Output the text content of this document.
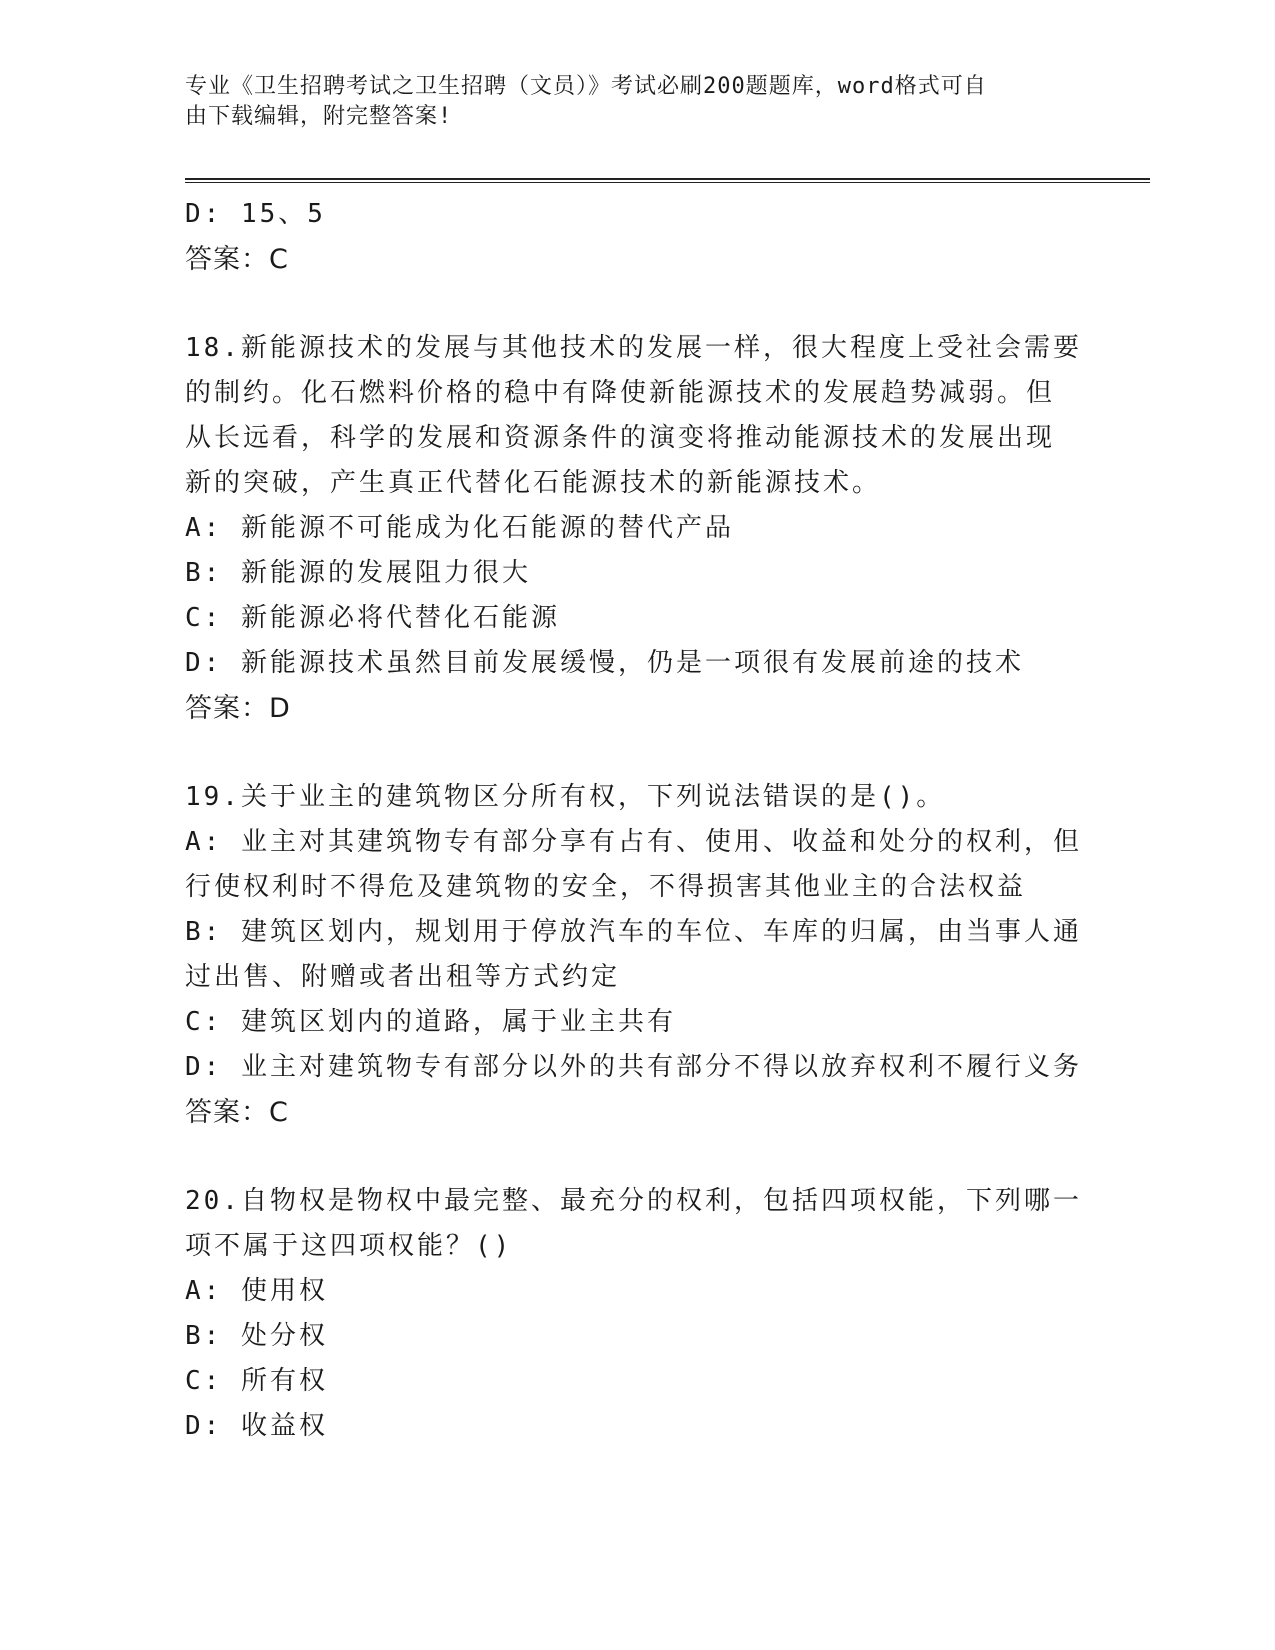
专业《卫生招聘考试之卫生招聘（文员）》考试必刷200题题库，word格式可自
由下载编辑，附完整答案!
D: 15、5
答案：C
18.新能源技术的发展与其他技术的发展一样，很大程度上受社会需要
的制约。化石燃料价格的稳中有降使新能源技术的发展趋势减弱。但
从长远看，科学的发展和资源条件的演变将推动能源技术的发展出现
新的突破，产生真正代替化石能源技术的新能源技术。
A: 新能源不可能成为化石能源的替代产品
B: 新能源的发展阻力很大
C: 新能源必将代替化石能源
D: 新能源技术虽然目前发展缓慢，仍是一项很有发展前途的技术
答案：D
19.关于业主的建筑物区分所有权，下列说法错误的是()。
A: 业主对其建筑物专有部分享有占有、使用、收益和处分的权利，但
行使权利时不得危及建筑物的安全，不得损害其他业主的合法权益
B: 建筑区划内，规划用于停放汽车的车位、车库的归属，由当事人通
过出售、附赠或者出租等方式约定
C: 建筑区划内的道路，属于业主共有
D: 业主对建筑物专有部分以外的共有部分不得以放弃权利不履行义务
答案：C
20.自物权是物权中最完整、最充分的权利，包括四项权能，下列哪一
项不属于这四项权能？()
A: 使用权
B: 处分权
C: 所有权
D: 收益权
